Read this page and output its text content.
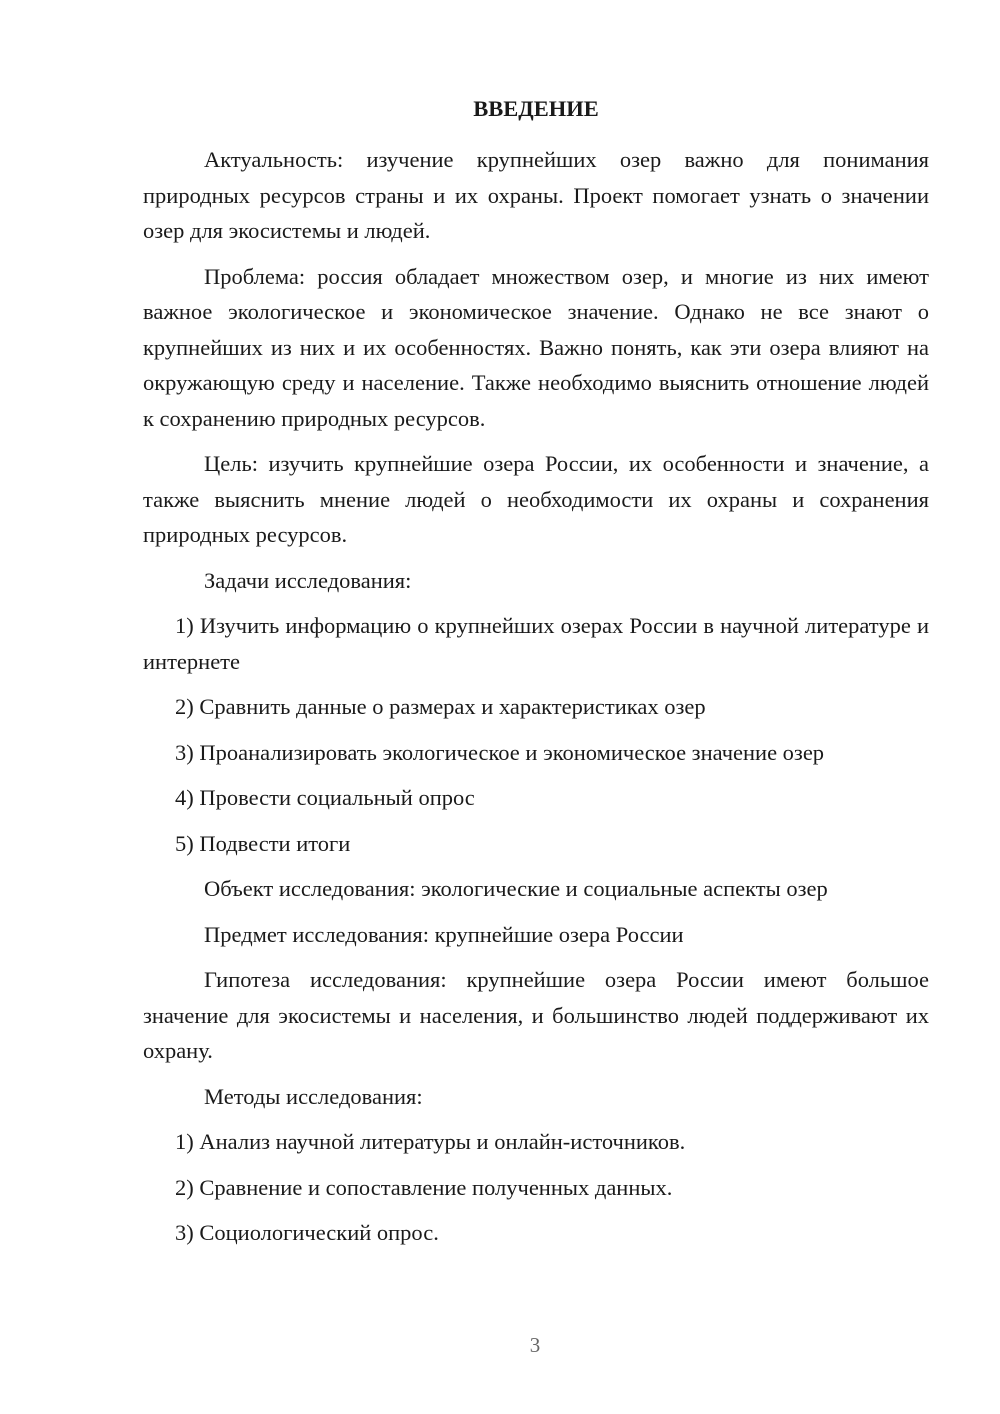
ВВЕДЕНИЕ

Актуальность: изучение крупнейших озер важно для понимания природных ресурсов страны и их охраны. Проект помогает узнать о значении озер для экосистемы и людей.

Проблема: россия обладает множеством озер, и многие из них имеют важное экологическое и экономическое значение. Однако не все знают о крупнейших из них и их особенностях. Важно понять, как эти озера влияют на окружающую среду и население. Также необходимо выяснить отношение людей к сохранению природных ресурсов.

Цель: изучить крупнейшие озера России, их особенности и значение, а также выяснить мнение людей о необходимости их охраны и сохранения природных ресурсов.

Задачи исследования:

1) Изучить информацию о крупнейших озерах России в научной литературе и интернете

2) Сравнить данные о размерах и характеристиках озер

3) Проанализировать экологическое и экономическое значение озер

4) Провести социальный опрос

5) Подвести итоги

Объект исследования: экологические и социальные аспекты озер

Предмет исследования: крупнейшие озера России

Гипотеза исследования: крупнейшие озера России имеют большое значение для экосистемы и населения, и большинство людей поддерживают их охрану.

Методы исследования:

1) Анализ научной литературы и онлайн-источников.

2) Сравнение и сопоставление полученных данных.

3) Социологический опрос.

3
